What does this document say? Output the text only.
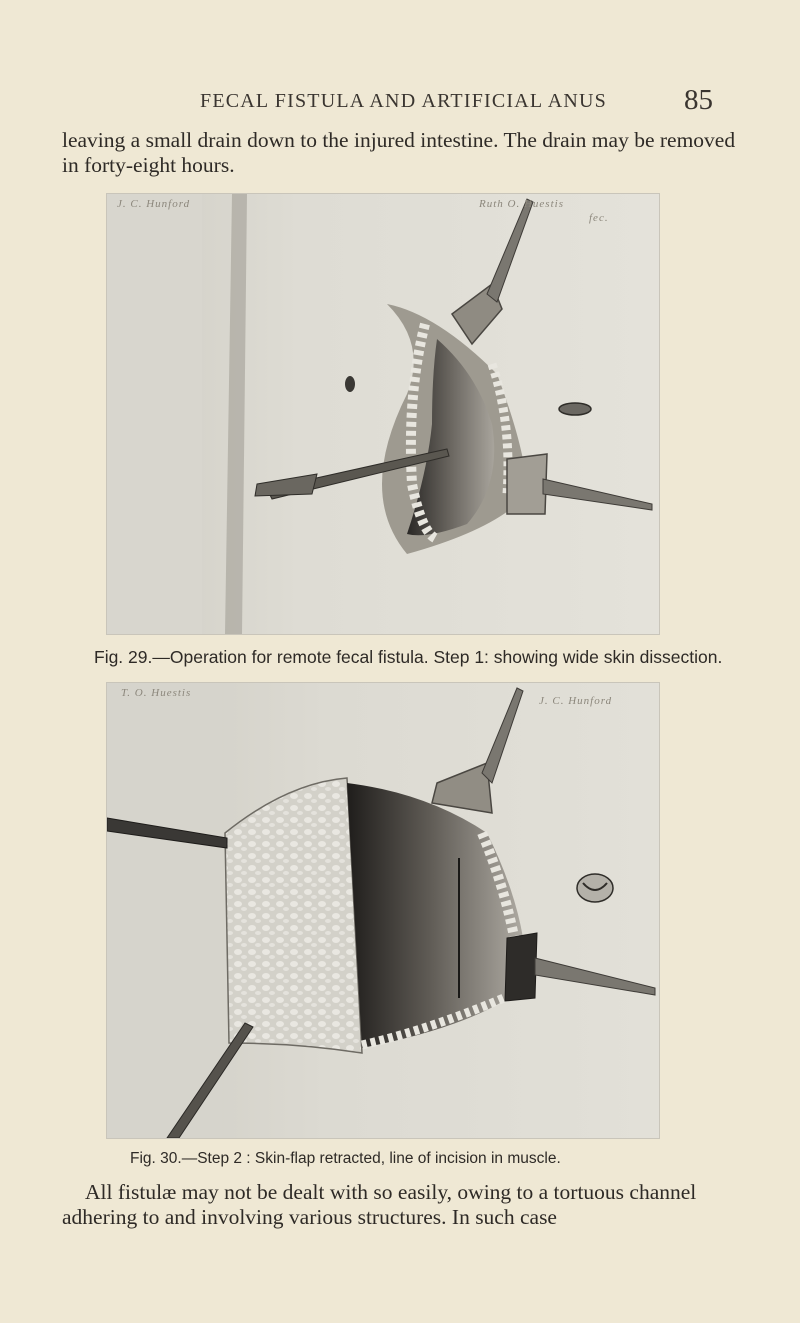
FECAL FISTULA AND ARTIFICIAL ANUS	85

leaving a small drain down to the injured intestine. The drain may be removed in forty-eight hours.

J. C. Hunford	Ruth O. Huestis
fec.
Fig. 29.—Operation for remote fecal fistula. Step 1: showing wide skin dissection.
T. O. Huestis
J. C. Hunford
Fig. 30.—Step 2 : Skin-flap retracted, line of incision in muscle.

All fistulæ may not be dealt with so easily, owing to a tortuous channel adhering to and involving various structures. In such case
